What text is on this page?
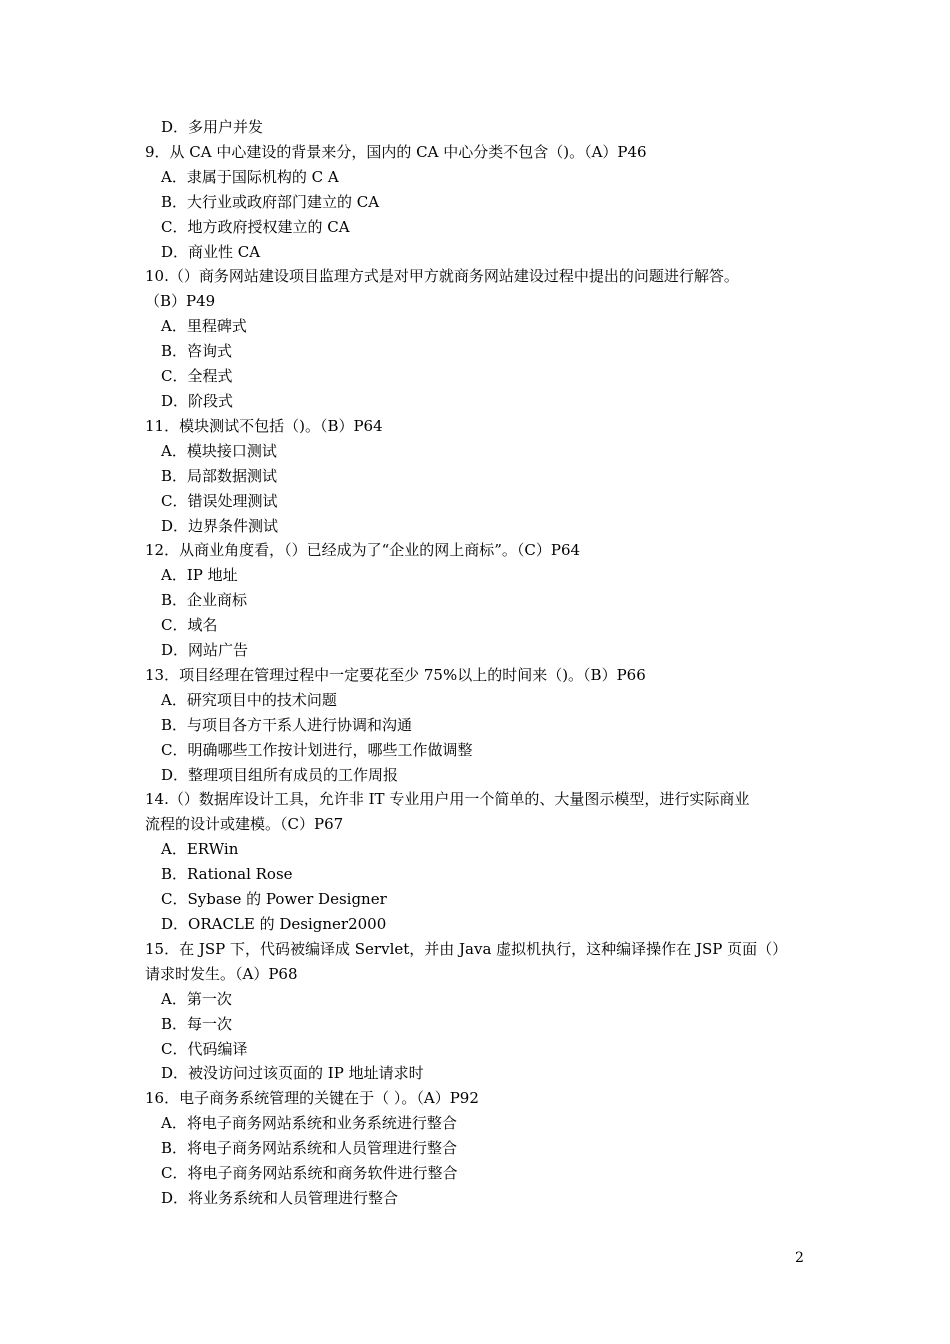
D．多用户并发
9．从 CA 中心建设的背景来分，国内的 CA 中心分类不包含（)。（A）P46
A．隶属于国际机构的 C A
B．大行业或政府部门建立的 CA
C．地方政府授权建立的 CA
D．商业性 CA
10.（）商务网站建设项目监理方式是对甲方就商务网站建设过程中提出的问题进行解答。
（B）P49
A．里程碑式
B．咨询式
C．全程式
D．阶段式
11．模块测试不包括（)。（B）P64
A．模块接口测试
B．局部数据测试
C．错误处理测试
D．边界条件测试
12．从商业角度看，（）已经成为了“企业的网上商标”。（C）P64
A．IP 地址
B．企业商标
C．域名
D．网站广告
13．项目经理在管理过程中一定要花至少 75%以上的时间来（)。（B）P66
A．研究项目中的技术问题
B．与项目各方干系人进行协调和沟通
C．明确哪些工作按计划进行，哪些工作做调整
D．整理项目组所有成员的工作周报
14.（）数据库设计工具，允许非 IT 专业用户用一个简单的、大量图示模型，进行实际商业
流程的设计或建模。（C）P67
A．ERWin
B．Rational Rose
C．Sybase 的 Power Designer
D．ORACLE 的 Designer2000
15．在 JSP 下，代码被编译成 Servlet，并由 Java 虚拟机执行，这种编译操作在 JSP 页面（）
请求时发生。（A）P68
A．第一次
B．每一次
C．代码编译
D．被没访问过该页面的 IP 地址请求时
16．电子商务系统管理的关键在于（ ）。（A）P92
A．将电子商务网站系统和业务系统进行整合
B．将电子商务网站系统和人员管理进行整合
C．将电子商务网站系统和商务软件进行整合
D．将业务系统和人员管理进行整合
2
